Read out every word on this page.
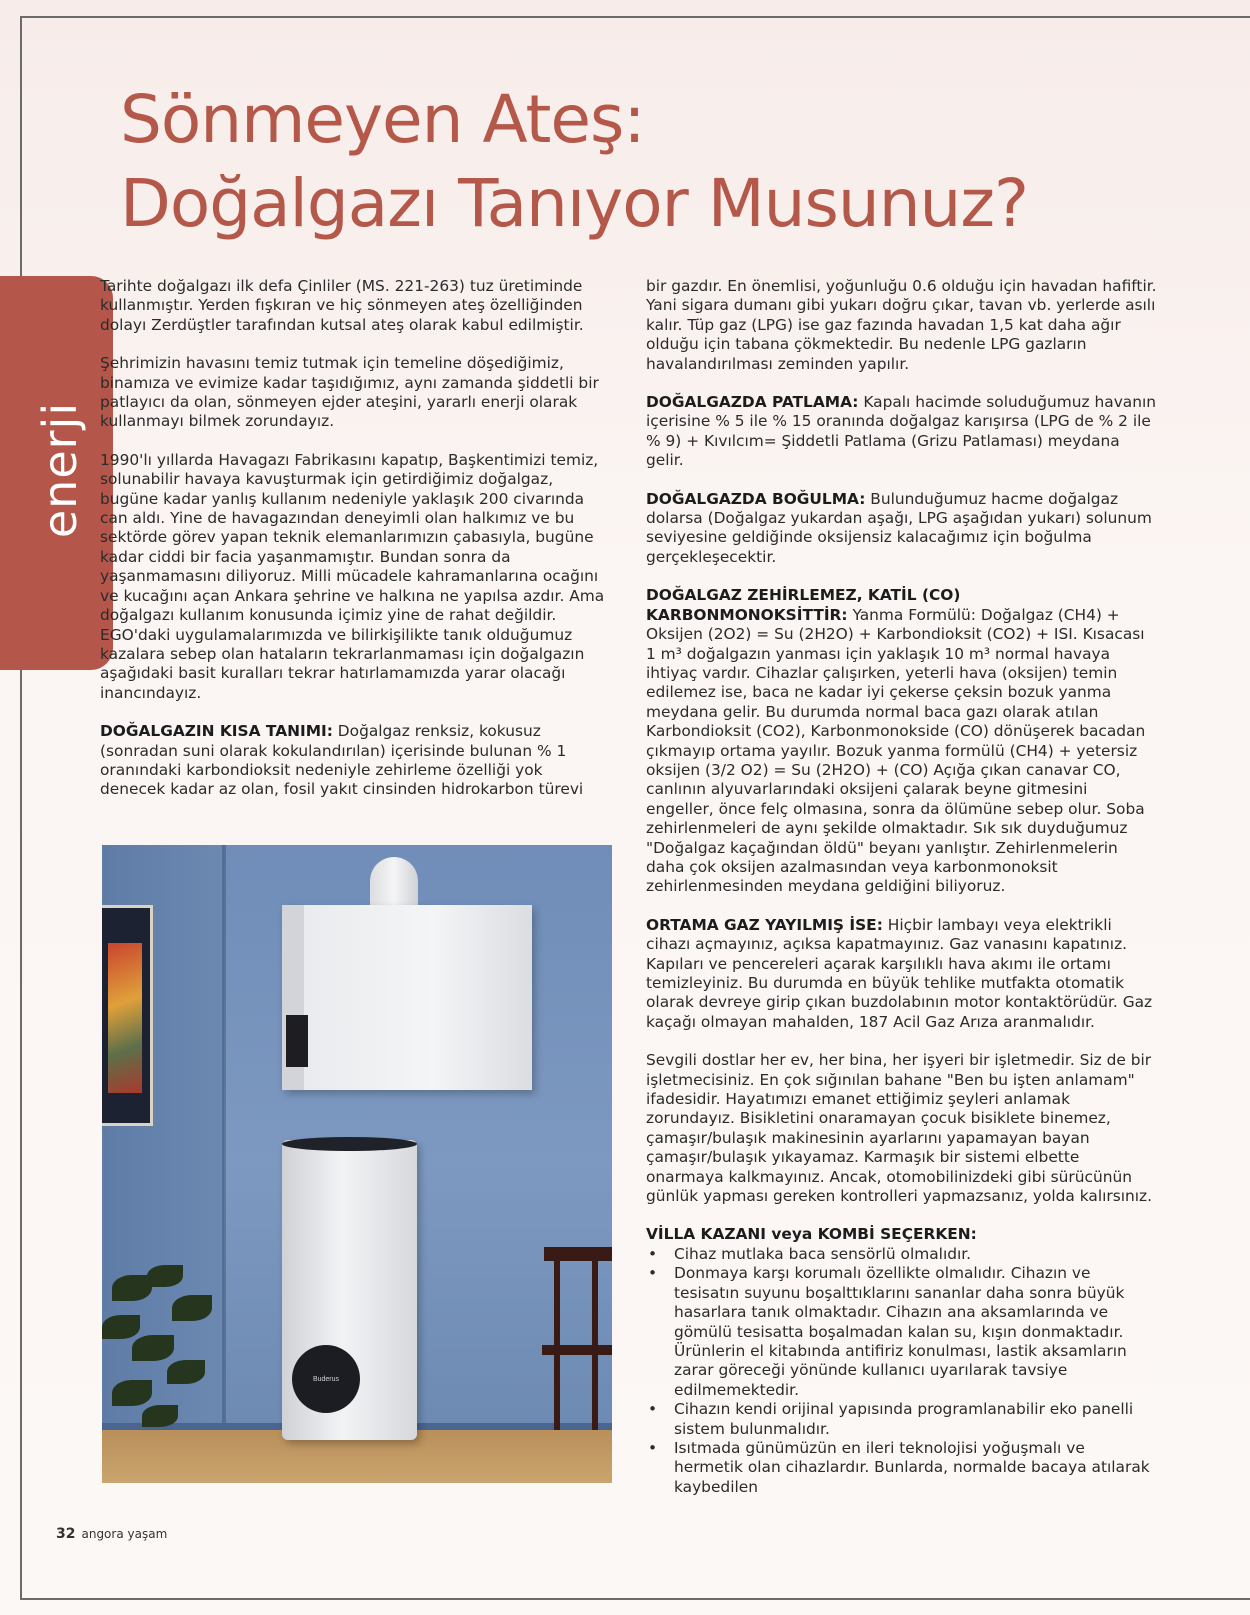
Sönmeyen Ateş:
Doğalgazı Tanıyor Musunuz?
enerji

Tarihte doğalgazı ilk defa Çinliler (MS. 221-263) tuz üretiminde kullanmıştır. Yerden fışkıran ve hiç sönmeyen ateş özelliğinden dolayı Zerdüştler tarafından kutsal ateş olarak kabul edilmiştir.

Şehrimizin havasını temiz tutmak için temeline döşediğimiz, binamıza ve evimize kadar taşıdığımız, aynı zamanda şiddetli bir patlayıcı da olan, sönmeyen ejder ateşini, yararlı enerji olarak kullanmayı bilmek zorundayız.

1990'lı yıllarda Havagazı Fabrikasını kapatıp, Başkentimizi temiz, solunabilir havaya kavuşturmak için getirdiğimiz doğalgaz, bugüne kadar yanlış kullanım nedeniyle yaklaşık 200 civarında can aldı. Yine de havagazından deneyimli olan halkımız ve bu sektörde görev yapan teknik elemanlarımızın çabasıyla, bugüne kadar ciddi bir facia yaşanmamıştır. Bundan sonra da yaşanmamasını diliyoruz. Milli mücadele kahramanlarına ocağını ve kucağını açan Ankara şehrine ve halkına ne yapılsa azdır. Ama doğalgazı kullanım konusunda içimiz yine de rahat değildir. EGO'daki uygulamalarımızda ve bilirkişilikte tanık olduğumuz kazalara sebep olan hataların tekrarlanmaması için doğalgazın aşağıdaki basit kuralları tekrar hatırlamamızda yarar olacağı inancındayız.

DOĞALGAZIN KISA TANIMI: Doğalgaz renksiz, kokusuz (sonradan suni olarak kokulandırılan) içerisinde bulunan % 1 oranındaki karbondioksit nedeniyle zehirleme özelliği yok denecek kadar az olan, fosil yakıt cinsinden hidrokarbon türevi

Buderus

bir gazdır. En önemlisi, yoğunluğu 0.6 olduğu için havadan hafiftir. Yani sigara dumanı gibi yukarı doğru çıkar, tavan vb. yerlerde asılı kalır. Tüp gaz (LPG) ise gaz fazında havadan 1,5 kat daha ağır olduğu için tabana çökmektedir. Bu nedenle LPG gazların havalandırılması zeminden yapılır.

DOĞALGAZDA PATLAMA: Kapalı hacimde soluduğumuz havanın içerisine % 5 ile % 15 oranında doğalgaz karışırsa (LPG de % 2 ile % 9) + Kıvılcım= Şiddetli Patlama (Grizu Patlaması) meydana gelir.

DOĞALGAZDA BOĞULMA: Bulunduğumuz hacme doğalgaz dolarsa (Doğalgaz yukardan aşağı, LPG aşağıdan yukarı) solunum seviyesine geldiğinde oksijensiz kalacağımız için boğulma gerçekleşecektir.

DOĞALGAZ ZEHİRLEMEZ, KATİL (CO) KARBONMONOKSİTTİR: Yanma Formülü: Doğalgaz (CH4) + Oksijen (2O2) = Su (2H2O) + Karbondioksit (CO2) + ISI. Kısacası 1 m³ doğalgazın yanması için yaklaşık 10 m³ normal havaya ihtiyaç vardır. Cihazlar çalışırken, yeterli hava (oksijen) temin edilemez ise, baca ne kadar iyi çekerse çeksin bozuk yanma meydana gelir. Bu durumda normal baca gazı olarak atılan Karbondioksit (CO2), Karbonmonokside (CO) dönüşerek bacadan çıkmayıp ortama yayılır. Bozuk yanma formülü (CH4) + yetersiz oksijen (3/2 O2) = Su (2H2O) + (CO) Açığa çıkan canavar CO, canlının alyuvarlarındaki oksijeni çalarak beyne gitmesini engeller, önce felç olmasına, sonra da ölümüne sebep olur. Soba zehirlenmeleri de aynı şekilde olmaktadır. Sık sık duyduğumuz "Doğalgaz kaçağından öldü" beyanı yanlıştır. Zehirlenmelerin daha çok oksijen azalmasından veya karbonmonoksit zehirlenmesinden meydana geldiğini biliyoruz.

ORTAMA GAZ YAYILMIŞ İSE: Hiçbir lambayı veya elektrikli cihazı açmayınız, açıksa kapatmayınız. Gaz vanasını kapatınız. Kapıları ve pencereleri açarak karşılıklı hava akımı ile ortamı temizleyiniz. Bu durumda en büyük tehlike mutfakta otomatik olarak devreye girip çıkan buzdolabının motor kontaktörüdür. Gaz kaçağı olmayan mahalden, 187 Acil Gaz Arıza aranmalıdır.

Sevgili dostlar her ev, her bina, her işyeri bir işletmedir. Siz de bir işletmecisiniz. En çok sığınılan bahane "Ben bu işten anlamam" ifadesidir. Hayatımızı emanet ettiğimiz şeyleri anlamak zorundayız. Bisikletini onaramayan çocuk bisiklete binemez, çamaşır/bulaşık makinesinin ayarlarını yapamayan bayan çamaşır/bulaşık yıkayamaz. Karmaşık bir sistemi elbette onarmaya kalkmayınız. Ancak, otomobilinizdeki gibi sürücünün günlük yapması gereken kontrolleri yapmazsanız, yolda kalırsınız.

VİLLA KAZANI veya KOMBİ SEÇERKEN:
• Cihaz mutlaka baca sensörlü olmalıdır.
• Donmaya karşı korumalı özellikte olmalıdır. Cihazın ve tesisatın suyunu boşalttıklarını sananlar daha sonra büyük hasarlara tanık olmaktadır. Cihazın ana aksamlarında ve gömülü tesisatta boşalmadan kalan su, kışın donmaktadır. Ürünlerin el kitabında antifiriz konulması, lastik aksamların zarar göreceği yönünde kullanıcı uyarılarak tavsiye edilmemektedir.
• Cihazın kendi orijinal yapısında programlanabilir eko panelli sistem bulunmalıdır.
• Isıtmada günümüzün en ileri teknolojisi yoğuşmalı ve hermetik olan cihazlardır. Bunlarda, normalde bacaya atılarak kaybedilen
32 angora yaşam
